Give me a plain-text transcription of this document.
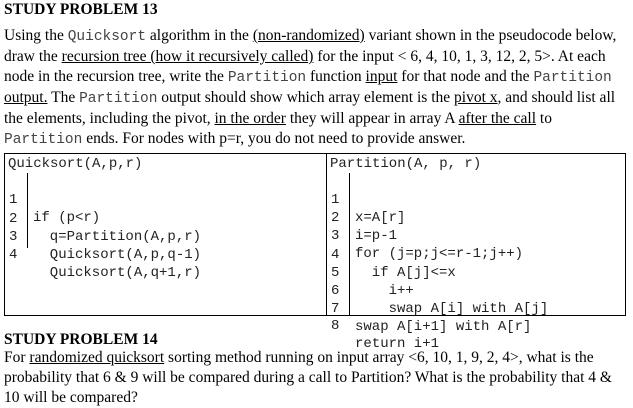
STUDY PROBLEM 13
Using the Quicksort algorithm in the (non-randomized) variant shown in the pseudocode below, draw the recursion tree (how it recursively called) for the input < 6, 4, 10, 1, 3, 12, 2, 5>. At each node in the recursion tree, write the Partition function input for that node and the Partition output. The Partition output should show which array element is the pivot x, and should list all the elements, including the pivot, in the order they will appear in array A after the call to Partition ends. For nodes with p=r, you do not need to provide answer.
Quicksort(A,p,r)

1

if (p<r)

2

q=Partition(A,p,r)

3

Quicksort(A,p,q-1)

4

Quicksort(A,q+1,r)

Partition(A, p, r)

1

x=A[r]

2

i=p-1

3

for (j=p;j<=r-1;j++)

4

if A[j]<=x

5

i++

6

swap A[i] with A[j]

7

swap A[i+1] with A[r]

8

return i+1

STUDY PROBLEM 14
For randomized quicksort sorting method running on input array <6, 10, 1, 9, 2, 4>, what is the probability that 6 & 9 will be compared during a call to Partition? What is the probability that 4 & 10 will be compared?
